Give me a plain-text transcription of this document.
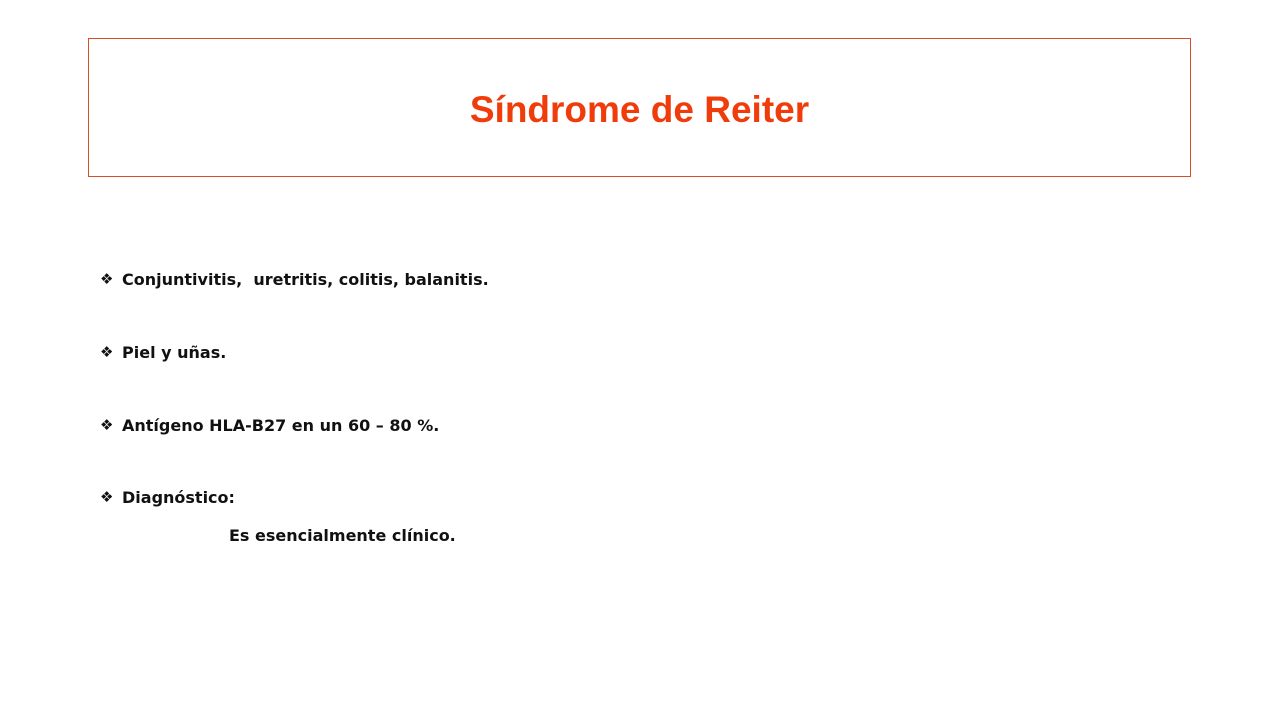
Síndrome de Reiter
❖ Conjuntivitis,  uretritis, colitis, balanitis.
❖ Piel y uñas.
❖ Antígeno HLA-B27 en un 60 – 80 %.
❖ Diagnóstico:
Es esencialmente clínico.
